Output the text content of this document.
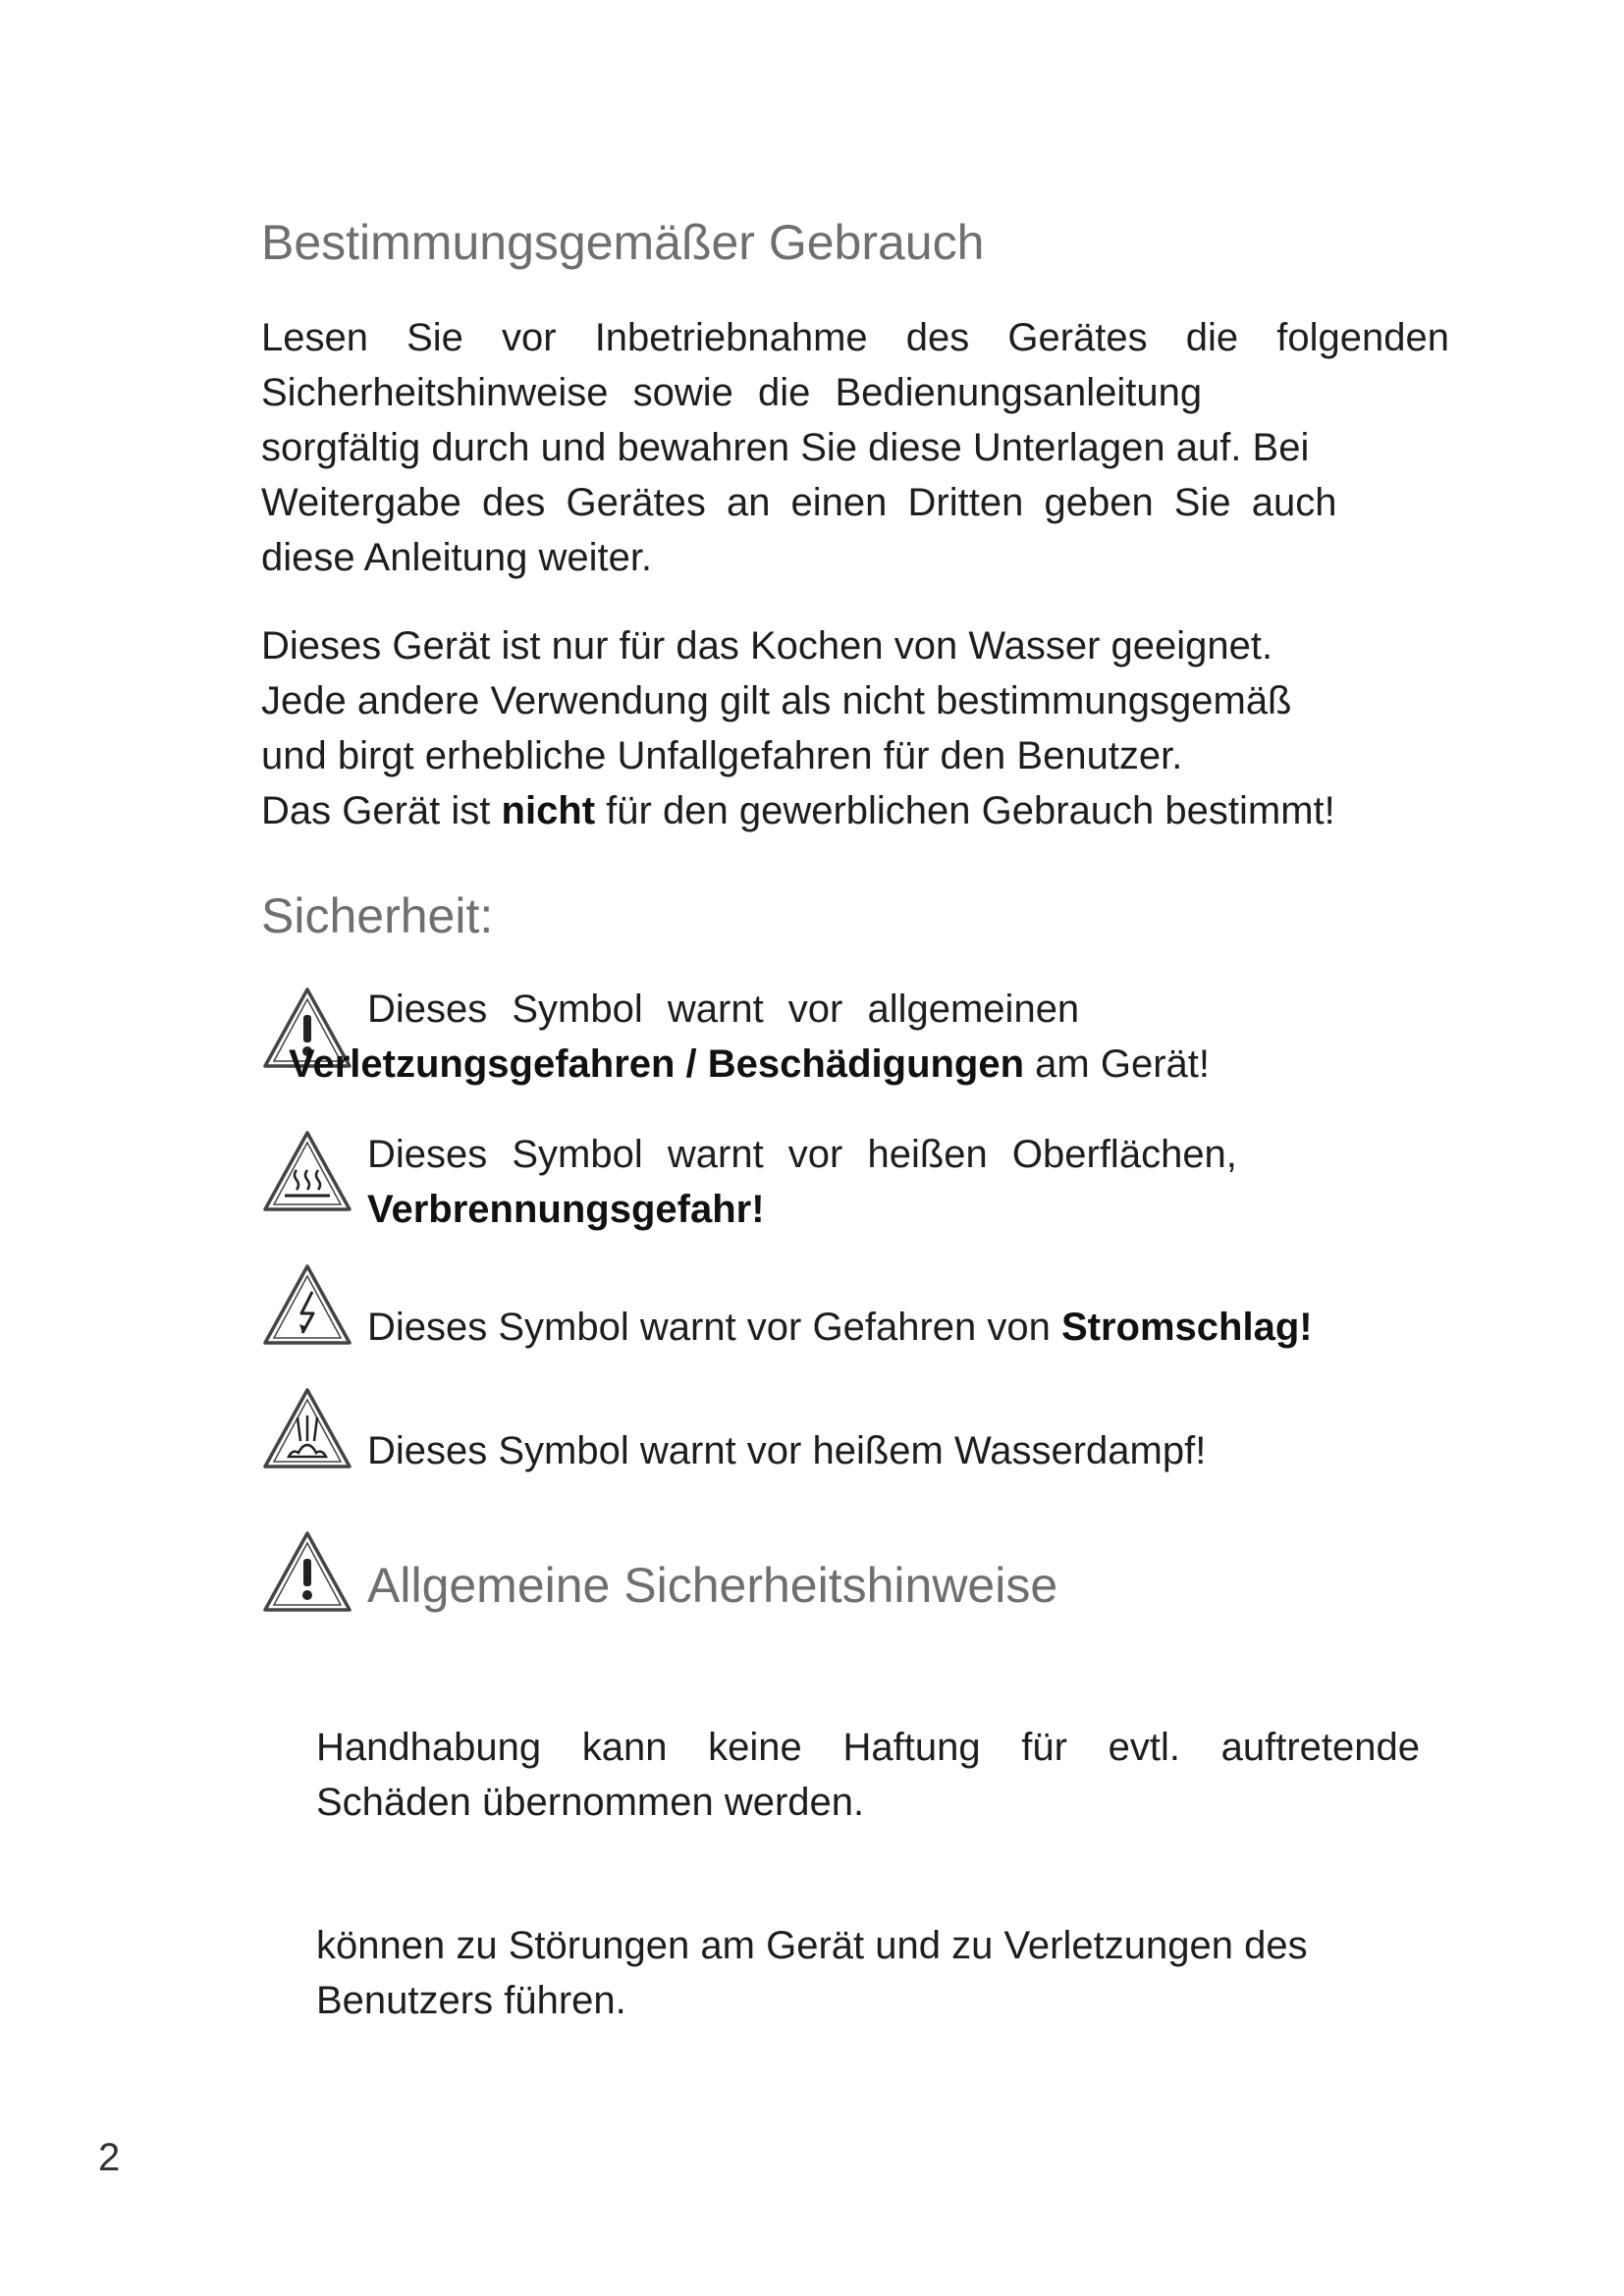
Bestimmungsgemäßer Gebrauch
Lesen Sie vor Inbetriebnahme des Gerätes die folgenden
Sicherheitshinweise sowie die Bedienungsanleitung
sorgfältig durch und bewahren Sie diese Unterlagen auf. Bei
Weitergabe des Gerätes an einen Dritten geben Sie auch
diese Anleitung weiter.
Dieses Gerät ist nur für das Kochen von Wasser geeignet.
Jede andere Verwendung gilt als nicht bestimmungsgemäß
und birgt erhebliche Unfallgefahren für den Benutzer.
Das Gerät ist nicht für den gewerblichen Gebrauch bestimmt!
Sicherheit:
Dieses Symbol warnt vor allgemeinen
Verletzungsgefahren / Beschädigungen am Gerät!
Dieses Symbol warnt vor heißen Oberflächen,
Verbrennungsgefahr!
Dieses Symbol warnt vor Gefahren von Stromschlag!
Dieses Symbol warnt vor heißem Wasserdampf!
Allgemeine Sicherheitshinweise
Handhabung kann keine Haftung für evtl. auftretende
Schäden übernommen werden.
können zu Störungen am Gerät und zu Verletzungen des
Benutzers führen.
2
